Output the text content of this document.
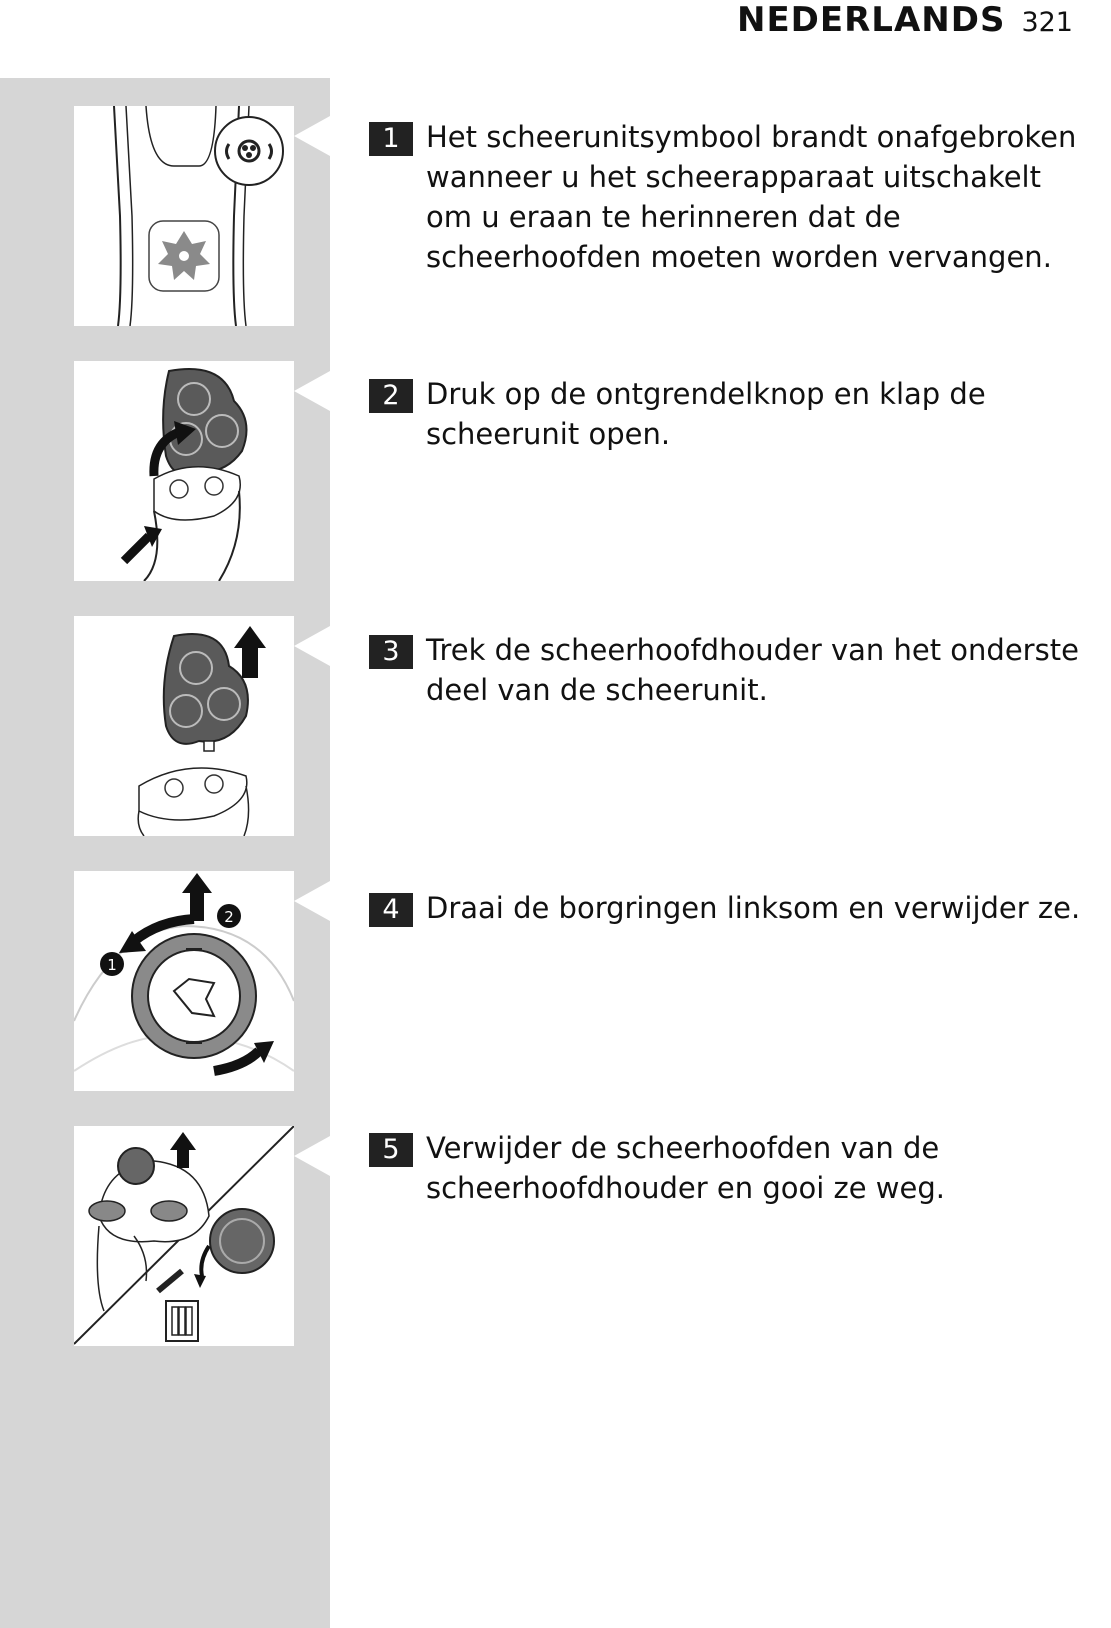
NEDERLANDS 321
1
2
1 Het scheerunitsymbool brandt onafgebroken wanneer u het scheerapparaat uitschakelt om u eraan te herinneren dat de scheerhoofden moeten worden vervangen.
2 Druk op de ontgrendelknop en klap de scheerunit open.
3 Trek de scheerhoofdhouder van het onderste deel van de scheerunit.
4 Draai de borgringen linksom en verwijder ze.
5 Verwijder de scheerhoofden van de scheerhoofdhouder en gooi ze weg.
